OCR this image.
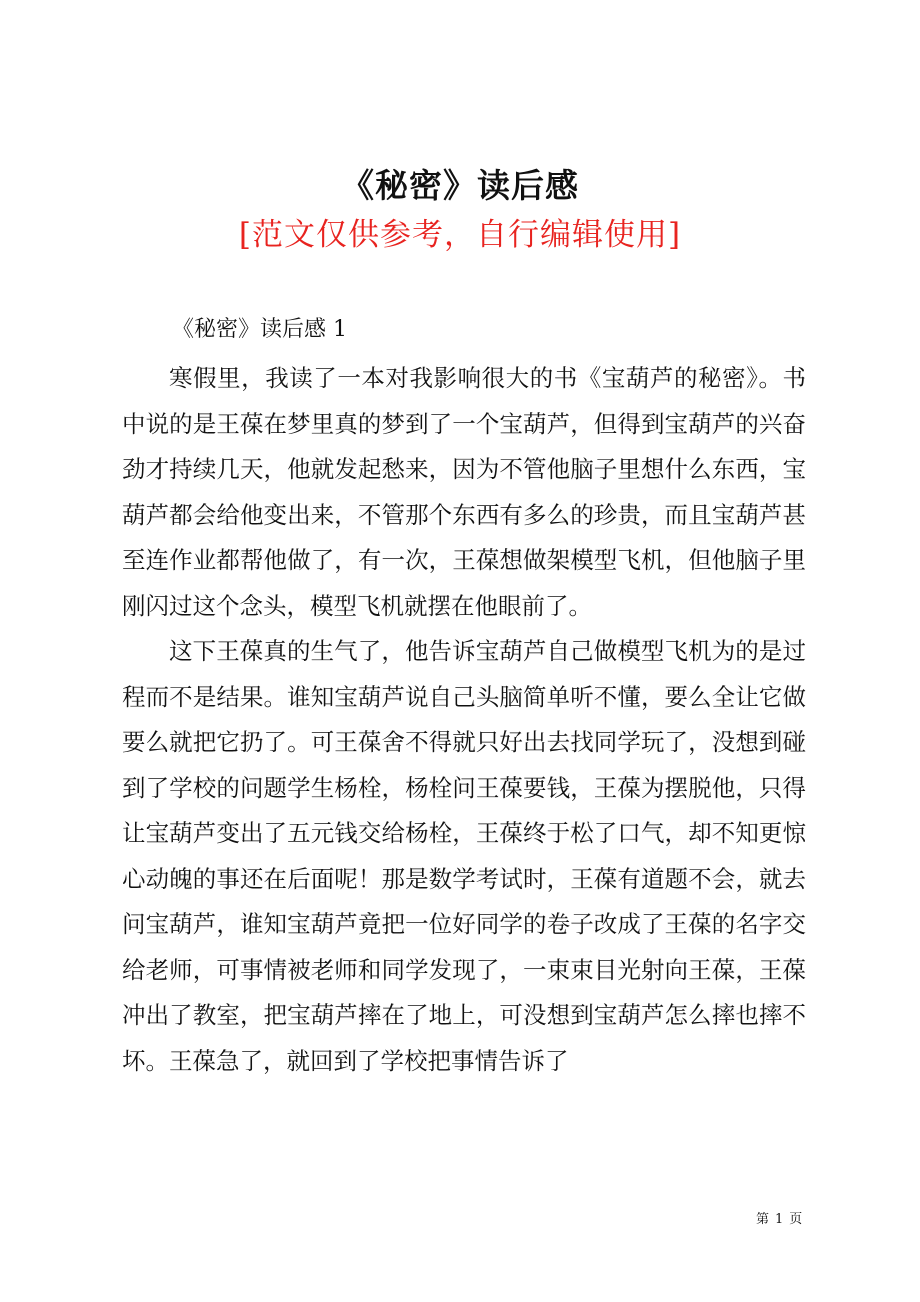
《秘密》读后感
[范文仅供参考，自行编辑使用]
《秘密》读后感 1

寒假里，我读了一本对我影响很大的书《宝葫芦的秘密》。书中说的是王葆在梦里真的梦到了一个宝葫芦，但得到宝葫芦的兴奋劲才持续几天，他就发起愁来，因为不管他脑子里想什么东西，宝葫芦都会给他变出来，不管那个东西有多么的珍贵，而且宝葫芦甚至连作业都帮他做了，有一次，王葆想做架模型飞机，但他脑子里刚闪过这个念头，模型飞机就摆在他眼前了。

这下王葆真的生气了，他告诉宝葫芦自己做模型飞机为的是过程而不是结果。谁知宝葫芦说自己头脑简单听不懂，要么全让它做要么就把它扔了。可王葆舍不得就只好出去找同学玩了，没想到碰到了学校的问题学生杨栓，杨栓问王葆要钱，王葆为摆脱他，只得让宝葫芦变出了五元钱交给杨栓，王葆终于松了口气，却不知更惊心动魄的事还在后面呢！那是数学考试时，王葆有道题不会，就去问宝葫芦，谁知宝葫芦竟把一位好同学的卷子改成了王葆的名字交给老师，可事情被老师和同学发现了，一束束目光射向王葆，王葆冲出了教室，把宝葫芦摔在了地上，可没想到宝葫芦怎么摔也摔不坏。王葆急了，就回到了学校把事情告诉了

第 1 页
